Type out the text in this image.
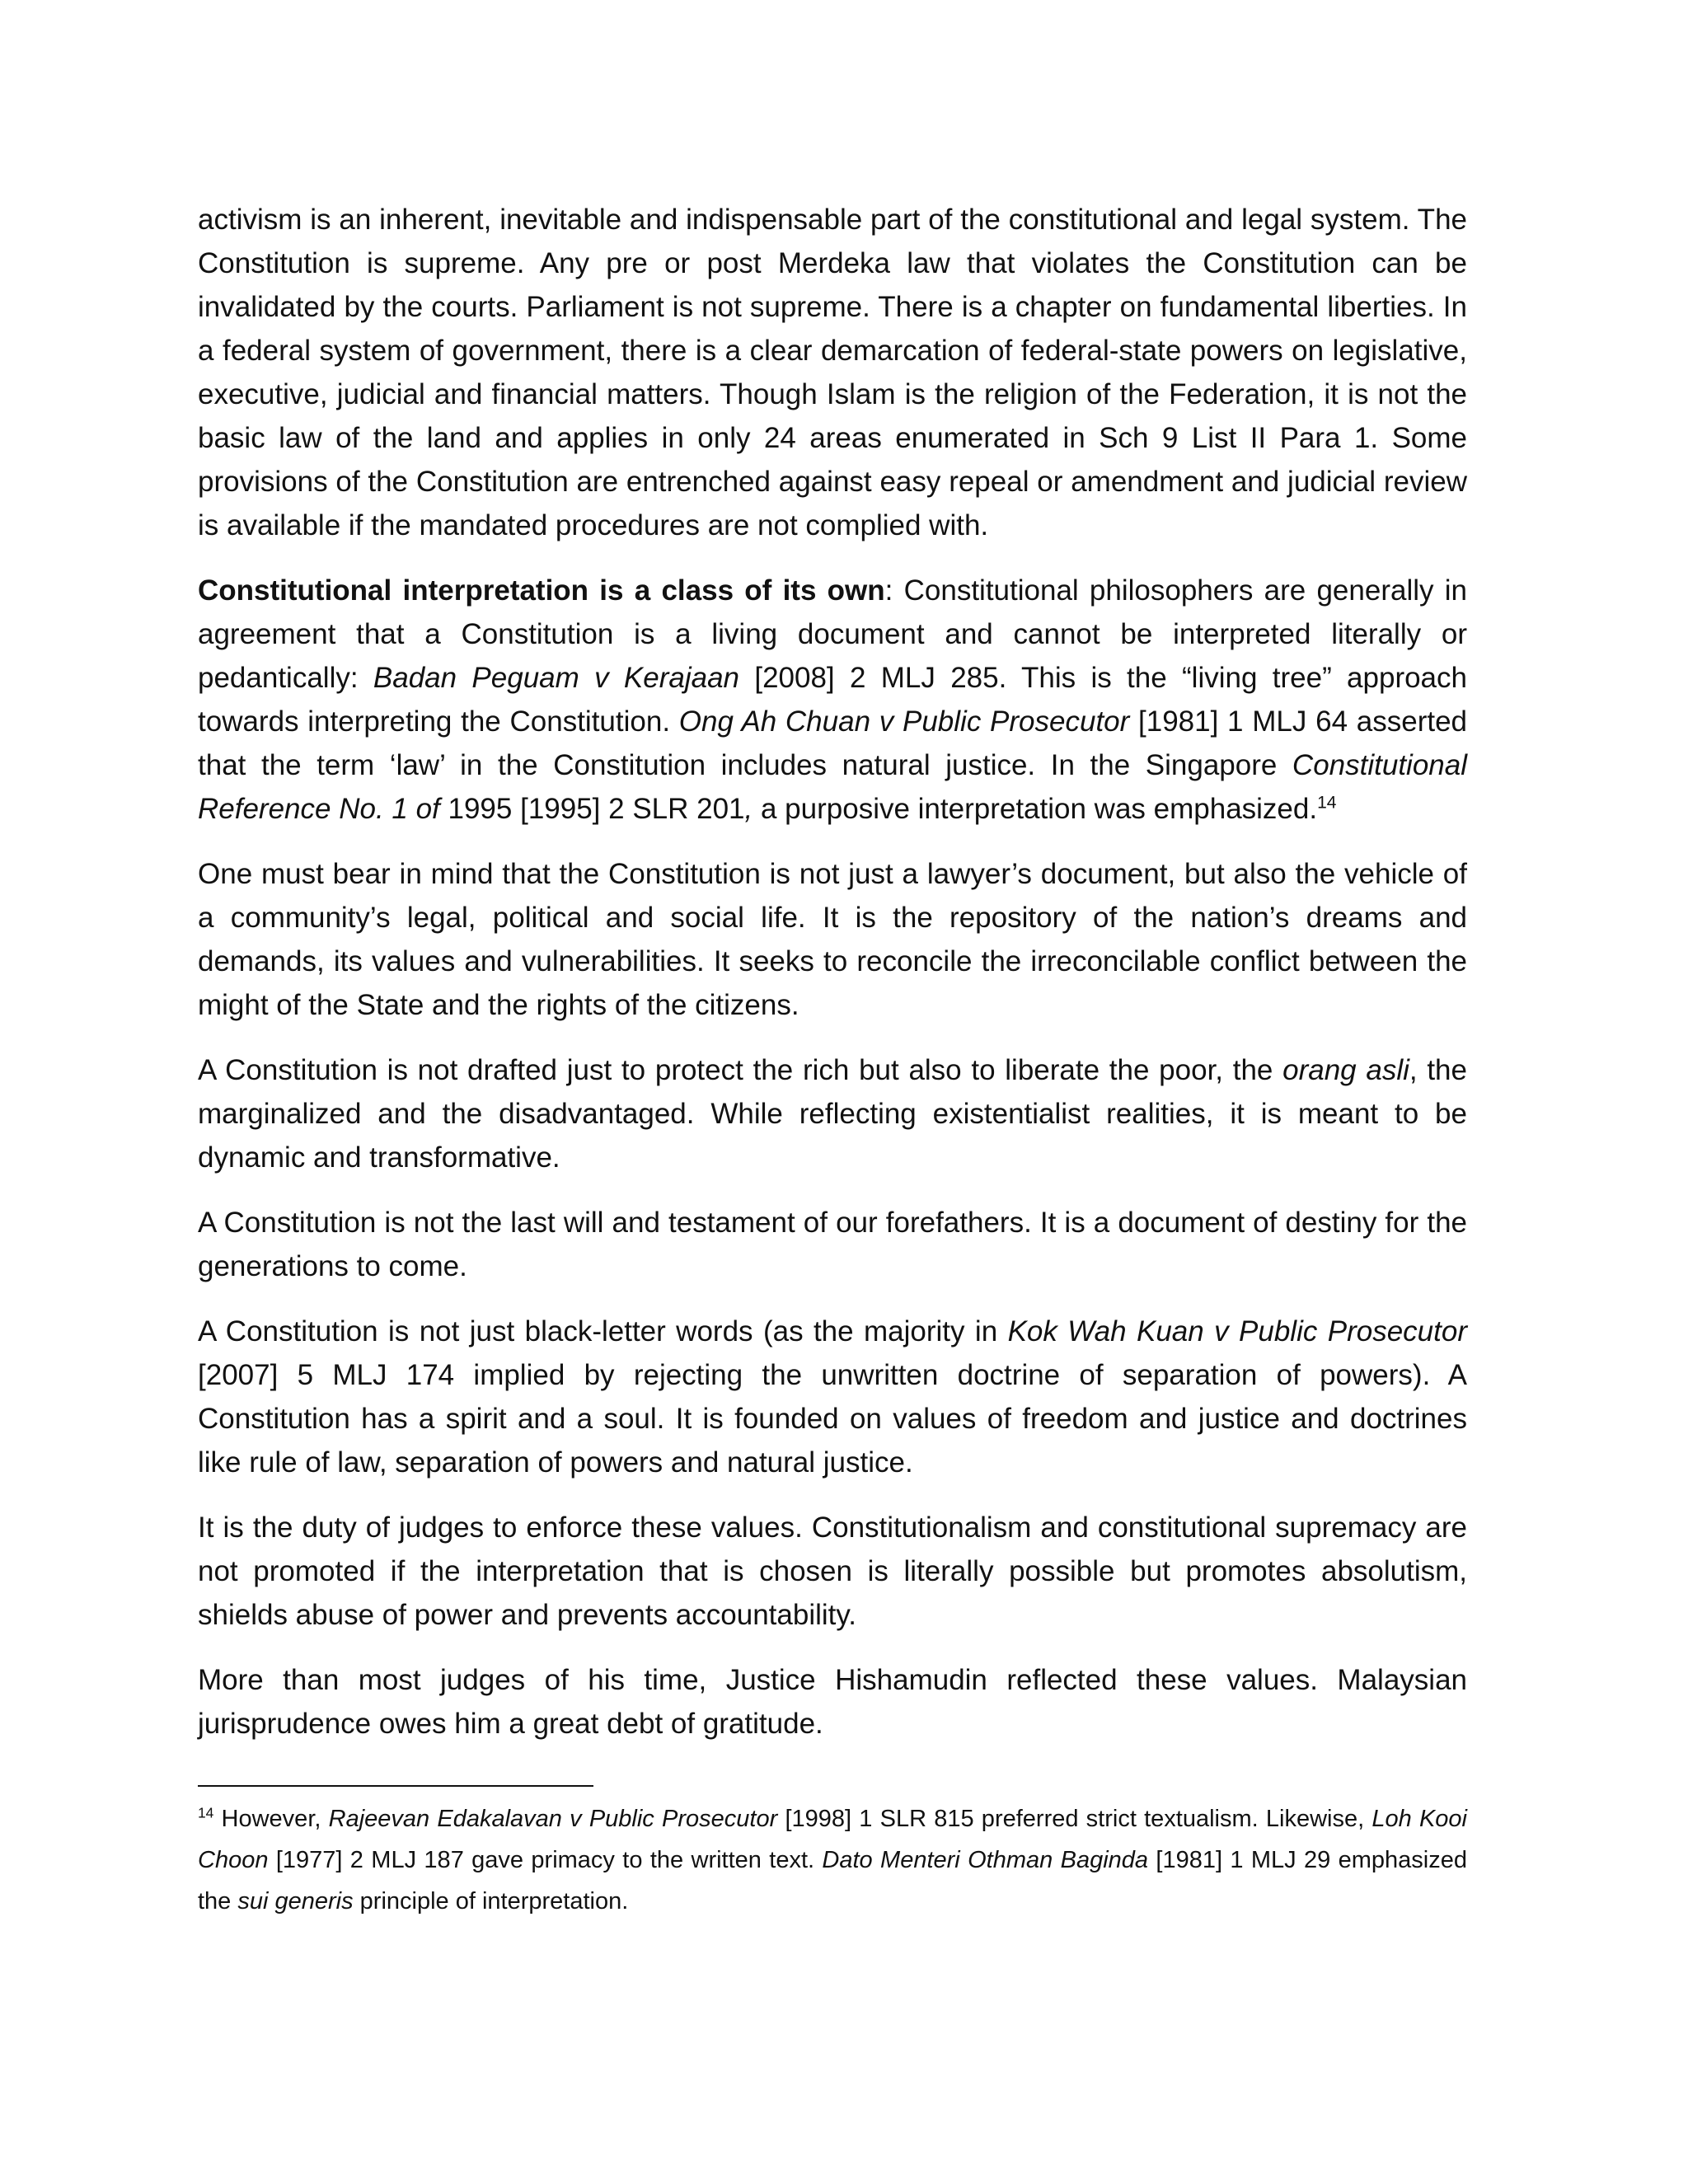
activism is an inherent, inevitable and indispensable part of the constitutional and legal system. The Constitution is supreme. Any pre or post Merdeka law that violates the Constitution can be invalidated by the courts. Parliament is not supreme. There is a chapter on fundamental liberties. In a federal system of government, there is a clear demarcation of federal-state powers on legislative, executive, judicial and financial matters. Though Islam is the religion of the Federation, it is not the basic law of the land and applies in only 24 areas enumerated in Sch 9 List II Para 1. Some provisions of the Constitution are entrenched against easy repeal or amendment and judicial review is available if the mandated procedures are not complied with.

Constitutional interpretation is a class of its own: Constitutional philosophers are generally in agreement that a Constitution is a living document and cannot be interpreted literally or pedantically: Badan Peguam v Kerajaan [2008] 2 MLJ 285. This is the “living tree” approach towards interpreting the Constitution. Ong Ah Chuan v Public Prosecutor [1981] 1 MLJ 64 asserted that the term ‘law’ in the Constitution includes natural justice. In the Singapore Constitutional Reference No. 1 of 1995 [1995] 2 SLR 201, a purposive interpretation was emphasized.$^{14}$

One must bear in mind that the Constitution is not just a lawyer’s document, but also the vehicle of a community’s legal, political and social life. It is the repository of the nation’s dreams and demands, its values and vulnerabilities. It seeks to reconcile the irreconcilable conflict between the might of the State and the rights of the citizens.

A Constitution is not drafted just to protect the rich but also to liberate the poor, the orang asli, the marginalized and the disadvantaged. While reflecting existentialist realities, it is meant to be dynamic and transformative.

A Constitution is not the last will and testament of our forefathers. It is a document of destiny for the generations to come.

A Constitution is not just black-letter words (as the majority in Kok Wah Kuan v Public Prosecutor [2007] 5 MLJ 174 implied by rejecting the unwritten doctrine of separation of powers). A Constitution has a spirit and a soul. It is founded on values of freedom and justice and doctrines like rule of law, separation of powers and natural justice.

It is the duty of judges to enforce these values. Constitutionalism and constitutional supremacy are not promoted if the interpretation that is chosen is literally possible but promotes absolutism, shields abuse of power and prevents accountability.

More than most judges of his time, Justice Hishamudin reflected these values. Malaysian jurisprudence owes him a great debt of gratitude.

$^{14}$ However, Rajeevan Edakalavan v Public Prosecutor [1998] 1 SLR 815 preferred strict textualism. Likewise, Loh Kooi Choon [1977] 2 MLJ 187 gave primacy to the written text. Dato Menteri Othman Baginda [1981] 1 MLJ 29 emphasized the sui generis principle of interpretation.
